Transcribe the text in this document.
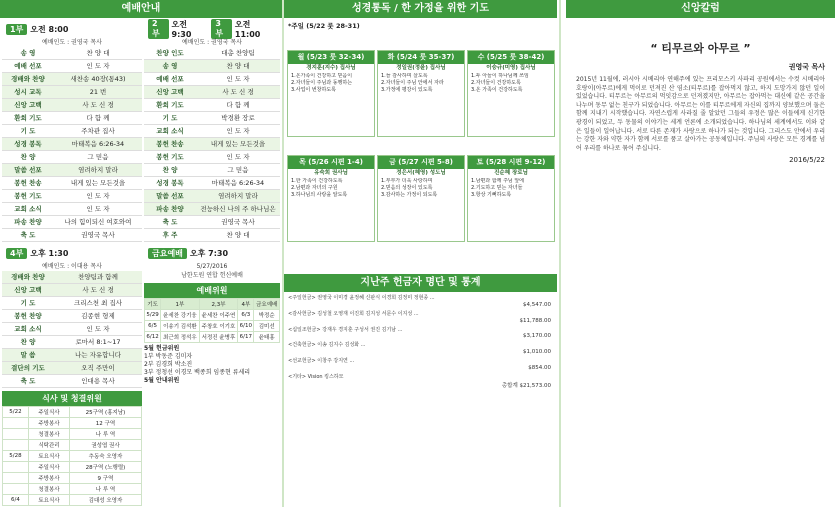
예배안내
1부 오전 8:00
예배인도 : 권영국 목사
송 영	찬 양 대
예배 선포	인 도 자
경배와 찬양	새찬송 40장(통43)
성시 교독	21 번
신앙 고백	사 도 신 경
환희 기도	다 함 께
기 도	주차관 집사
성경 봉독	마태복음 6:26-34
찬 양	그 믿음
말씀 선포	염려하지 말라
봉헌 찬송	내게 있는 모든것을
봉헌 기도	인 도 자
교회 소식	인 도 자
파송 찬양	나의 힘이되신 여호와여
축 도	권영국 목사
4부 오후 1:30
예배인도 : 이대용 목사
경배와 찬양	찬양팀과 함께
신앙 고백	사 도 신 경
기 도	크리스천 최 집사
봉헌 찬양	김종현 형제
교회 소식	인 도 자
찬 양	로마서 8:1~17
말 씀	나는 자유합니다
결단의 기도	오직 주만이
축 도	인대용 목사
식사 및 청결위원
5/22	주일식사	25구역 (홍지남)
	주방봉사	12 구역
	청결봉사	나 루 역
	식탁관리	권성엽 권사
5/28	토요식사	추동숙 오영자
	주일식사	28구역 (노행렬)
	주방봉사	9 구역
	청결봉사	나 루 역
6/4	토요식사	김대성 오영자
2부
오전 9:30
3부
오전 11:00
예배인도 : 권영국 목사
찬양 인도	대총 찬양팀
송 영	찬 양 대
예배 선포	인 도 자
신앙 고백	사 도 신 경
환희 기도	다 함 께
기 도	박경환 장로
교회 소식	인 도 자
봉헌 찬송	내게 있는 모든것을
봉헌 기도	인 도 자
찬 양	그 믿음
성경 봉독	마태복음 6:26-34
말씀 선포	염려하지 말라
파송 찬양	전능하신 나의 주 하나님은
축 도	권영국 목사
후 주	찬 양 대
금요예배 오후 7:30
5/27/2016
남한도원 연합 헌신예배
예배위원
기도	1부	2,3부	4부	금요예배
5/29	윤세찬 강기웅	윤세찬 이주연	6/3	박정순
6/5	이송기 김석환	주창호 이기호	6/10	김미선
6/12	최근희 정석우	서정진 윤병후	6/17	윤태홍
5월 헌금위원
1부 박동준 김미자
2부 김경희 박소진
3부 정청선 이경모 백종희 임종현 류세리
5월 안내위원
성경통독 / 한 가정을 위한 기도
*주일 (5/22 룻 28-31)
월 (5/23 룻 32-34)
경지훈(지수) 집사님
1.온가족이 건강하고 믿음이
2.자녀들이 주님과 동행하는
3.사업이 번창하도록
화 (5/24 룻 35-37)
정일권(정윤) 집사님
1.늘 감사하며 살도록
2.자녀들이 주님 안에서 자라
3.가정에 평강이 있도록
수 (5/25 룻 38-42)
이승규(미영) 집사님
1.두 아들이 하나님께 쓰임
2.자녀들이 건강하도록
3.온 가족이 건강하도록
목 (5/26 시편 1-4)
유숙희 권사님
1.한 가족이 건강하도록
2.남편과 자녀의 구원
3.하나님의 사랑을 알도록
금 (5/27 시편 5-8)
정은서(혜영) 성도님
1.부부가 더욱 사랑하며
2.믿음의 성장이 있도록
3.감사하는 가정이 되도록
토 (5/28 시편 9-12)
진순혜 장로님
1.남편과 함께 주님 앞에
2.기도하고 믿는 자녀들
3.항상 기뻐하도록
지난주 헌금자 명단 및 통계
<주일헌금> 권영국 이미경 윤정혜 신판식 이경희 김정미 정현종 ...
$4,547.00
<감사헌금> 김성철 오영재 이진희 김지성 서문수 이지성 ...
$11,788.00
<십일조헌금> 강재우 경지훈 구성서 권진 김기남 ...
$3,170.00
<건축헌금> 이송 김지수 김성화 ...
$1,010.00
<선교헌금> 이창주 강지연 ...
$854.00
<기타> Vision 킹스하모
총합계 $21,573.00
신앙칼럼
“ 티무르와 아무르 ”
권영국 목사
2015년 11월에, 러시아 시베리아 연해주에 있는 프리모스키 사파리 공원에서는 수컷 시베리아 호랑이(아무르)에게 먹이로 던져진 산 염소(티무르)를 잡아먹지 않고, 하지 도망가지 않던 일이 있었습니다. 티무르는 아무르의 먹잇감으로 던져졌지만, 아무르는 잡아먹는 대신에 같은 공간을 나누며 동무 없는 친구가 되었습니다. 아무르는 이를 티무르에게 자신의 집까지 양보했으며 둘은 함께 지내기 시작했습니다. 자연스럽게 사라질 줄 알았던 그들의 우정은 많은 이들에게 신기한 광경이 되었고, 두 동물의 이야기는 세계 언론에 소개되었습니다. 하나님의 세계에서도 이와 같은 일들이 일어납니다. 서로 다른 존재가 사랑으로 하나가 되는 것입니다. 그리스도 안에서 우리는 강한 자와 약한 자가 함께 서로를 품고 살아가는 공동체입니다. 주님의 사랑은 모든 경계를 넘어 우리를 하나로 묶어 주십니다.
2016/5/22
